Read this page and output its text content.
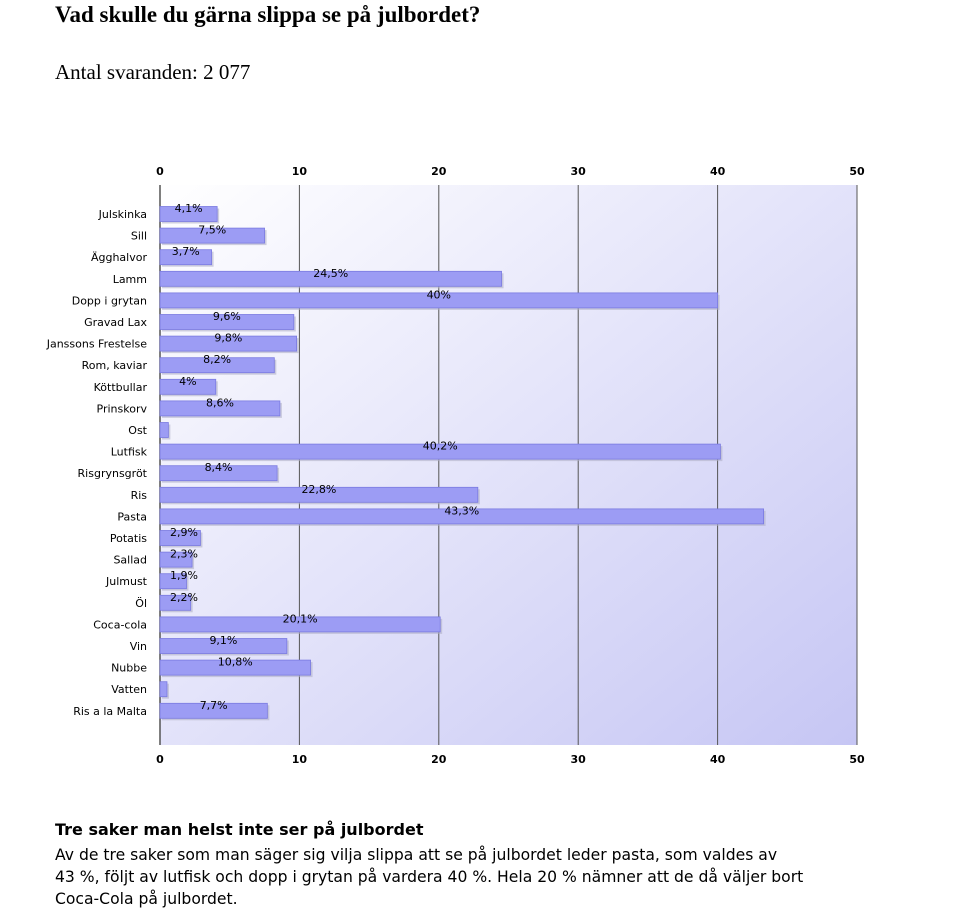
Vad skulle du gärna slippa se på julbordet?
Antal svaranden: 2 077
4,1%
7,5%
3,7%
24,5%
40%
9,6%
9,8%
8,2%
4%
8,6%
40,2%
8,4%
22,8%
43,3%
2,9%
2,3%
1,9%
2,2%
20,1%
9,1%
10,8%
7,7%
0
0
10
10
20
20
30
30
40
40
50
50
Julskinka
Sill
Ägghalvor
Lamm
Dopp i grytan
Gravad Lax
Janssons Frestelse
Rom, kaviar
Köttbullar
Prinskorv
Ost
Lutfisk
Risgrynsgröt
Ris
Pasta
Potatis
Sallad
Julmust
Öl
Coca-cola
Vin
Nubbe
Vatten
Ris a la Malta
Tre saker man helst inte ser på julbordet
Av de tre saker som man säger sig vilja slippa att se på julbordet leder pasta, som valdes av
43 %, följt av lutfisk och dopp i grytan på vardera 40 %. Hela 20 % nämner att de då väljer bort
Coca-Cola på julbordet.
